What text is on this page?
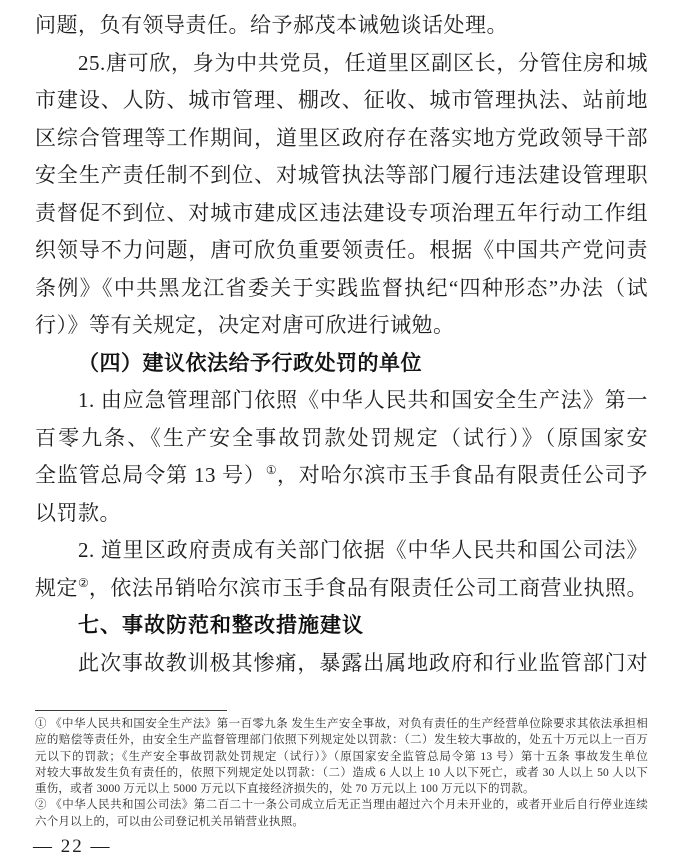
问题，负有领导责任。给予郝茂本诫勉谈话处理。
25.唐可欣，身为中共党员，任道里区副区长，分管住房和城
市建设、人防、城市管理、棚改、征收、城市管理执法、站前地
区综合管理等工作期间，道里区政府存在落实地方党政领导干部
安全生产责任制不到位、对城管执法等部门履行违法建设管理职
责督促不到位、对城市建成区违法建设专项治理五年行动工作组
织领导不力问题，唐可欣负重要领责任。根据《中国共产党问责
条例》《中共黑龙江省委关于实践监督执纪“四种形态”办法（试
行）》等有关规定，决定对唐可欣进行诫勉。
（四）建议依法给予行政处罚的单位
1. 由应急管理部门依照《中华人民共和国安全生产法》第一
百零九条、《生产安全事故罚款处罚规定（试行）》（原国家安
全监管总局令第 13 号）①，对哈尔滨市玉手食品有限责任公司予
以罚款。
2. 道里区政府责成有关部门依据《中华人民共和国公司法》
规定②，依法吊销哈尔滨市玉手食品有限责任公司工商营业执照。
七、事故防范和整改措施建议
此次事故教训极其惨痛，暴露出属地政府和行业监管部门对
① 《中华人民共和国安全生产法》第一百零九条 发生生产安全事故，对负有责任的生产经营单位除要求其依法承担相
应的赔偿等责任外，由安全生产监督管理部门依照下列规定处以罚款：（二）发生较大事故的，处五十万元以上一百万
元以下的罚款；《生产安全事故罚款处罚规定（试行）》（原国家安全监管总局令第 13 号）第十五条 事故发生单位
对较大事故发生负有责任的，依照下列规定处以罚款：（二）造成 6 人以上 10 人以下死亡，或者 30 人以上 50 人以下
重伤，或者 3000 万元以上 5000 万元以下直接经济损失的，处 70 万元以上 100 万元以下的罚款。
② 《中华人民共和国公司法》第二百二十一条公司成立后无正当理由超过六个月未开业的，或者开业后自行停业连续
六个月以上的，可以由公司登记机关吊销营业执照。
— 22 —
